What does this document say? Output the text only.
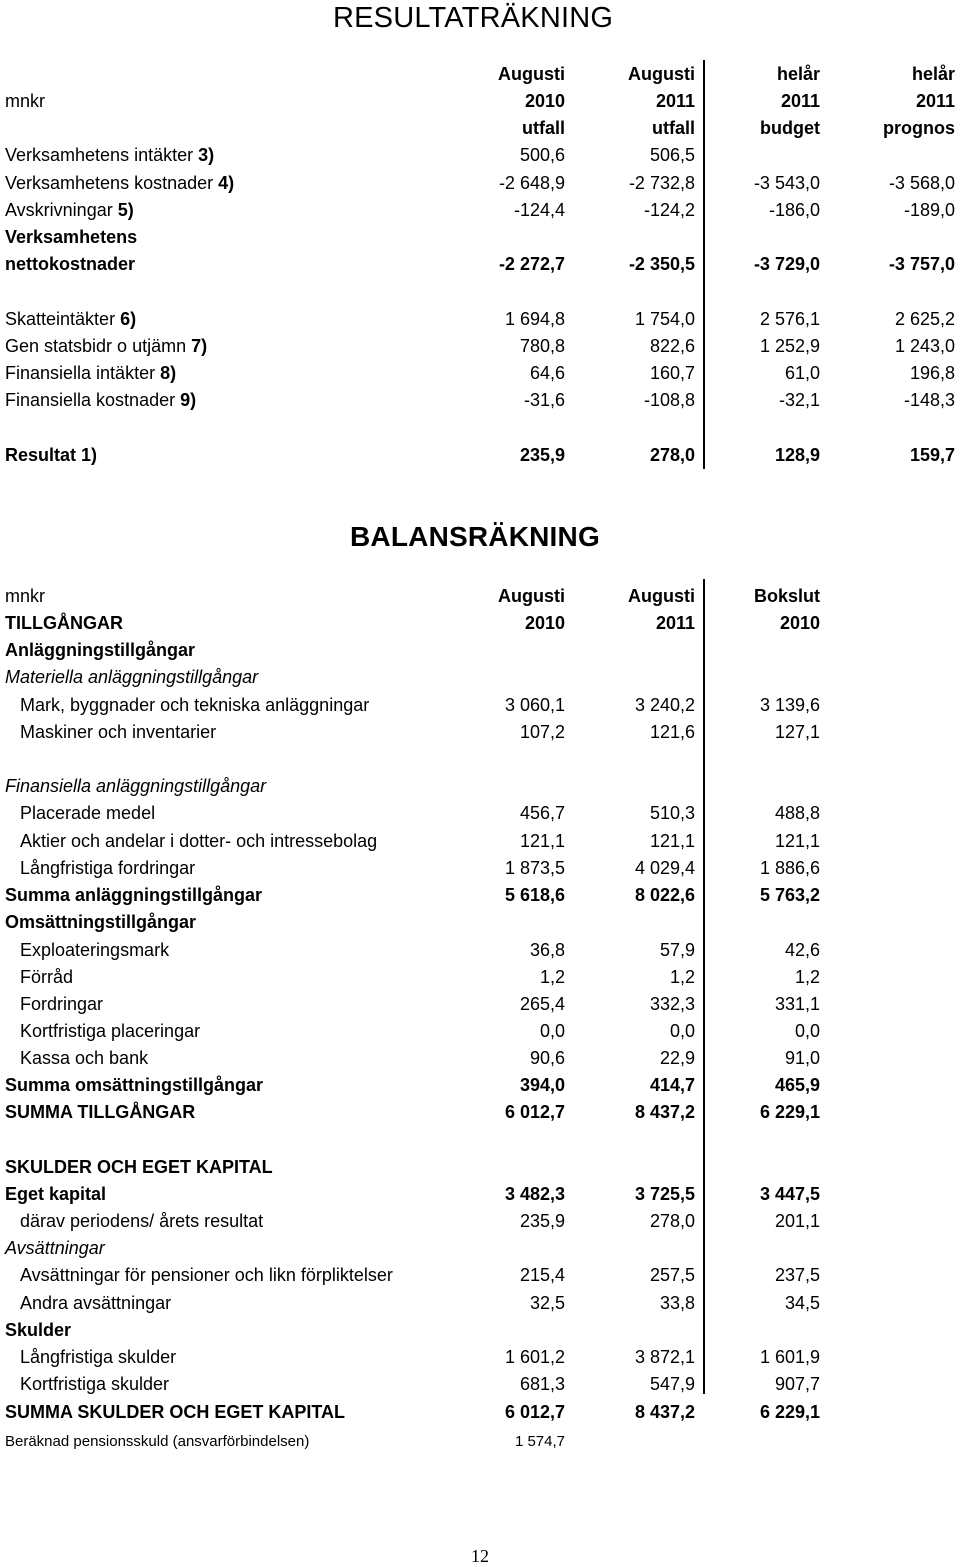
RESULTATRÄKNING
Augusti	Augusti	helår	helår
mnkr	2010	2011	2011	2011
utfall	utfall	budget	prognos
Verksamhetens intäkter 3)	500,6	506,5
Verksamhetens kostnader 4)	-2 648,9	-2 732,8	-3 543,0	-3 568,0
Avskrivningar 5)	-124,4	-124,2	-186,0	-189,0
Verksamhetens
nettokostnader	-2 272,7	-2 350,5	-3 729,0	-3 757,0
Skatteintäkter 6)	1 694,8	1 754,0	2 576,1	2 625,2
Gen statsbidr o utjämn 7)	780,8	822,6	1 252,9	1 243,0
Finansiella intäkter 8)	64,6	160,7	61,0	196,8
Finansiella kostnader 9)	-31,6	-108,8	-32,1	-148,3
Resultat 1)	235,9	278,0	128,9	159,7
BALANSRÄKNING
mnkr	Augusti	Augusti	Bokslut
TILLGÅNGAR	2010	2011	2010
Anläggningstillgångar
Materiella anläggningstillgångar
Mark, byggnader och tekniska anläggningar	3 060,1	3 240,2	3 139,6
Maskiner och inventarier	107,2	121,6	127,1
Finansiella anläggningstillgångar
Placerade medel	456,7	510,3	488,8
Aktier och andelar i dotter- och intressebolag	121,1	121,1	121,1
Långfristiga fordringar	1 873,5	4 029,4	1 886,6
Summa anläggningstillgångar	5 618,6	8 022,6	5 763,2
Omsättningstillgångar
Exploateringsmark	36,8	57,9	42,6
Förråd	1,2	1,2	1,2
Fordringar	265,4	332,3	331,1
Kortfristiga placeringar	0,0	0,0	0,0
Kassa och bank	90,6	22,9	91,0
Summa omsättningstillgångar	394,0	414,7	465,9
SUMMA TILLGÅNGAR	6 012,7	8 437,2	6 229,1
SKULDER OCH EGET KAPITAL
Eget kapital	3 482,3	3 725,5	3 447,5
därav periodens/ årets resultat	235,9	278,0	201,1
Avsättningar
Avsättningar för pensioner och likn förpliktelser	215,4	257,5	237,5
Andra avsättningar	32,5	33,8	34,5
Skulder
Långfristiga skulder	1 601,2	3 872,1	1 601,9
Kortfristiga skulder	681,3	547,9	907,7
SUMMA SKULDER OCH EGET KAPITAL	6 012,7	8 437,2	6 229,1
Beräknad pensionsskuld (ansvarförbindelsen)	1 574,7
12
